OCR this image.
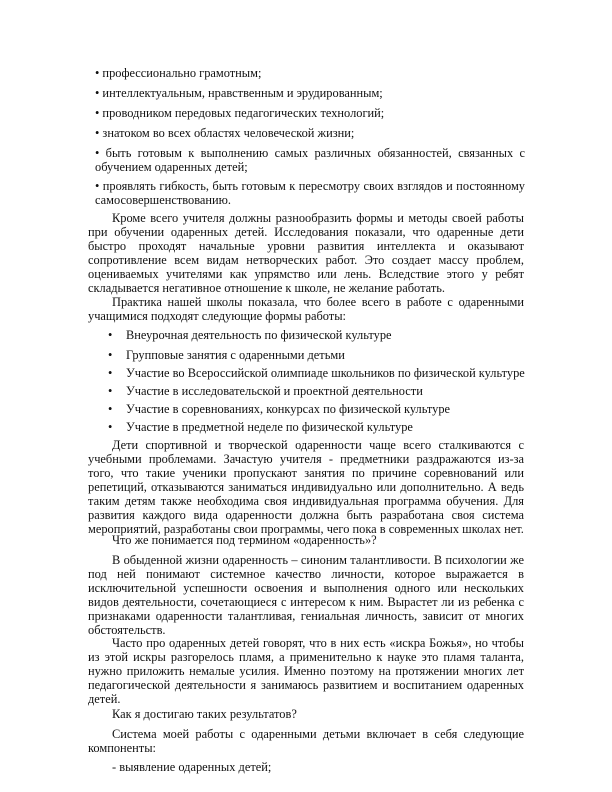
• профессионально грамотным;

• интеллектуальным, нравственным и эрудированным;

• проводником передовых педагогических технологий;

• знатоком во всех областях человеческой жизни;

• быть готовым к выполнению самых различных обязанностей, связанных с обучением одаренных детей;

• проявлять гибкость, быть готовым к пересмотру своих взглядов и постоянному самосовершенствованию.

Кроме всего учителя должны разнообразить формы и методы своей работы при обучении одаренных детей. Исследования показали, что одаренные дети быстро проходят начальные уровни развития интеллекта и оказывают сопротивление всем видам нетворческих работ. Это создает массу проблем, оцениваемых учителями как упрямство или лень. Вследствие этого у ребят складывается негативное отношение к школе, не желание работать.

Практика нашей школы показала, что более всего в работе с одаренными учащимися подходят следующие формы работы:

• Внеурочная деятельность по физической культуре

• Групповые занятия с одаренными детьми

• Участие во Всероссийской олимпиаде школьников по физической культуре

• Участие в исследовательской и проектной деятельности

• Участие в соревнованиях, конкурсах по физической культуре

• Участие в предметной неделе по физической культуре

Дети спортивной и творческой одаренности чаще всего сталкиваются с учебными проблемами. Зачастую учителя - предметники раздражаются из-за того, что такие ученики пропускают занятия по причине соревнований или репетиций, отказываются заниматься индивидуально или дополнительно. А ведь таким детям также необходима своя индивидуальная программа обучения. Для развития каждого вида одаренности должна быть разработана своя система мероприятий, разработаны свои программы, чего пока в современных школах нет.

Что же понимается под термином «одаренность»?

В обыденной жизни одаренность – синоним талантливости. В психологии же под ней понимают системное качество личности, которое выражается в исключительной успешности освоения и выполнения одного или нескольких видов деятельности, сочетающиеся с интересом к ним. Вырастет ли из ребенка с признаками одаренности талантливая, гениальная личность, зависит от многих обстоятельств.

Часто про одаренных детей говорят, что в них есть «искра Божья», но чтобы из этой искры разгорелось пламя, а применительно к науке это пламя таланта, нужно приложить немалые усилия. Именно поэтому на протяжении многих лет педагогической деятельности я занимаюсь развитием и воспитанием одаренных детей.

Как я достигаю таких результатов?

Система моей работы с одаренными детьми включает в себя следующие компоненты:

- выявление одаренных детей;
